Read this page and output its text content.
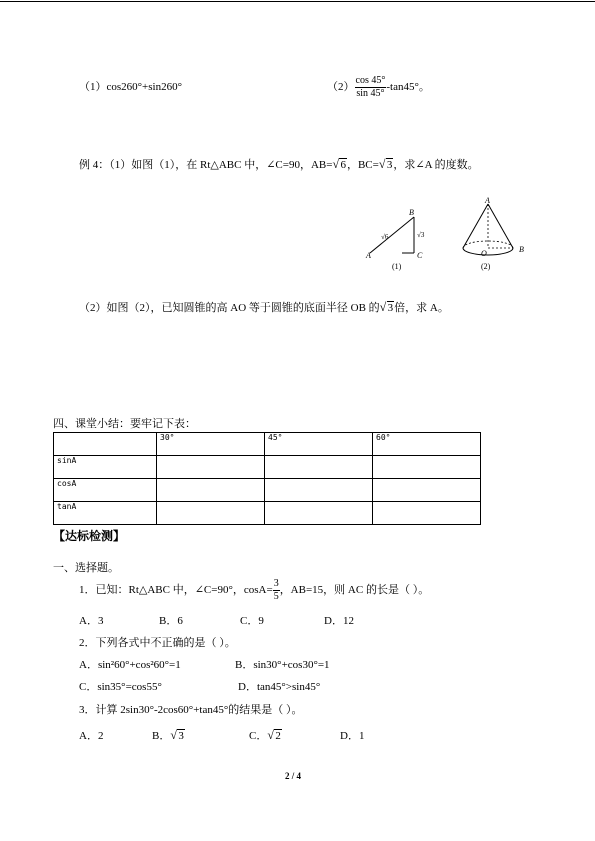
（1）cos260°+sin260°	$(2) \frac{\cos 45^\circ}{\sin 45^\circ} -\tan 45^\circ$。
例 4：（1）如图（1），在 Rt△ABC 中，∠C=90，AB= √ 6，BC= √ 3，求∠A 的度数。
B
A	C
√6	√3
(1)
A
O	B
(2)
（2）如图（2），已知圆锥的高 AO 等于圆锥的底面半径 OB 的 √ 3倍，求 A。
四、课堂小结：要牢记下表：
	30°	45°	60°
sinA			
cosA			
tanA			
【达标检测】
一、选择题。
1．已知：Rt△ABC 中，∠C=90°，$\cos A= \frac{3}{5}$ ，AB=15，则 AC 的长是（ ）。
A．3	B．6	C．9	D．12
2．下列各式中不正确的是（ ）。
A．sin²60°+cos²60°=1	B．sin30°+cos30°=1
C．sin35°=cos55°	D．tan45°>sin45°
3．计算 2sin30°-2cos60°+tan45°的结果是（ ）。
A．2	B． √ 3	C． √ 2	D．1
2 / 4
